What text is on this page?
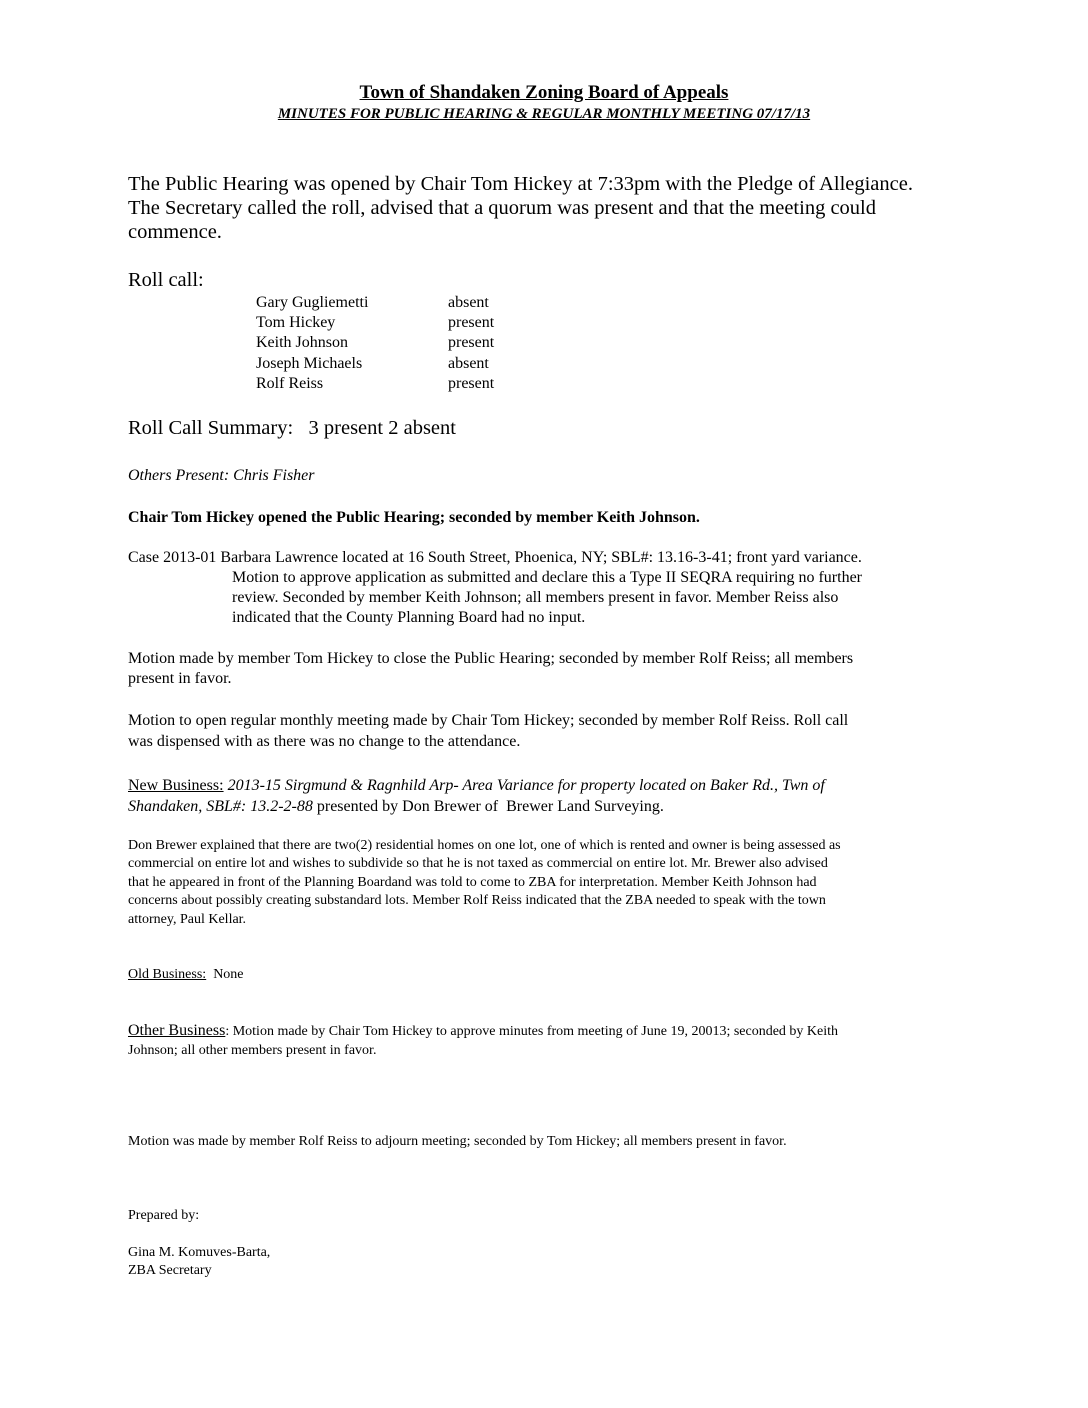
Town of Shandaken Zoning Board of Appeals
MINUTES FOR PUBLIC HEARING & REGULAR MONTHLY MEETING 07/17/13
The Public Hearing was opened by Chair Tom Hickey at 7:33pm with the Pledge of Allegiance.
The Secretary called the roll, advised that a quorum was present and that the meeting could
commence.
Roll call:
Gary Gugliemetti	absent
Tom Hickey	present
Keith Johnson	present
Joseph Michaels	absent
Rolf Reiss	present
Roll Call Summary:   3 present 2 absent
Others Present: Chris Fisher
Chair Tom Hickey opened the Public Hearing; seconded by member Keith Johnson.
Case 2013-01 Barbara Lawrence located at 16 South Street, Phoenica, NY; SBL#: 13.16-3-41; front yard variance.
Motion to approve application as submitted and declare this a Type II SEQRA requiring no further
review. Seconded by member Keith Johnson; all members present in favor. Member Reiss also
indicated that the County Planning Board had no input.
Motion made by member Tom Hickey to close the Public Hearing; seconded by member Rolf Reiss; all members
present in favor.
Motion to open regular monthly meeting made by Chair Tom Hickey; seconded by member Rolf Reiss. Roll call
was dispensed with as there was no change to the attendance.
New Business: 2013-15 Sirgmund & Ragnhild Arp- Area Variance for property located on Baker Rd., Twn of
Shandaken, SBL#: 13.2-2-88 presented by Don Brewer of  Brewer Land Surveying.
Don Brewer explained that there are two(2) residential homes on one lot, one of which is rented and owner is being assessed as
commercial on entire lot and wishes to subdivide so that he is not taxed as commercial on entire lot. Mr. Brewer also advised
that he appeared in front of the Planning Boardand was told to come to ZBA for interpretation. Member Keith Johnson had
concerns about possibly creating substandard lots. Member Rolf Reiss indicated that the ZBA needed to speak with the town
attorney, Paul Kellar.
Old Business:  None
Other Business: Motion made by Chair Tom Hickey to approve minutes from meeting of June 19, 20013; seconded by Keith
Johnson; all other members present in favor.
Motion was made by member Rolf Reiss to adjourn meeting; seconded by Tom Hickey; all members present in favor.
Prepared by:
Gina M. Komuves-Barta,
ZBA Secretary
